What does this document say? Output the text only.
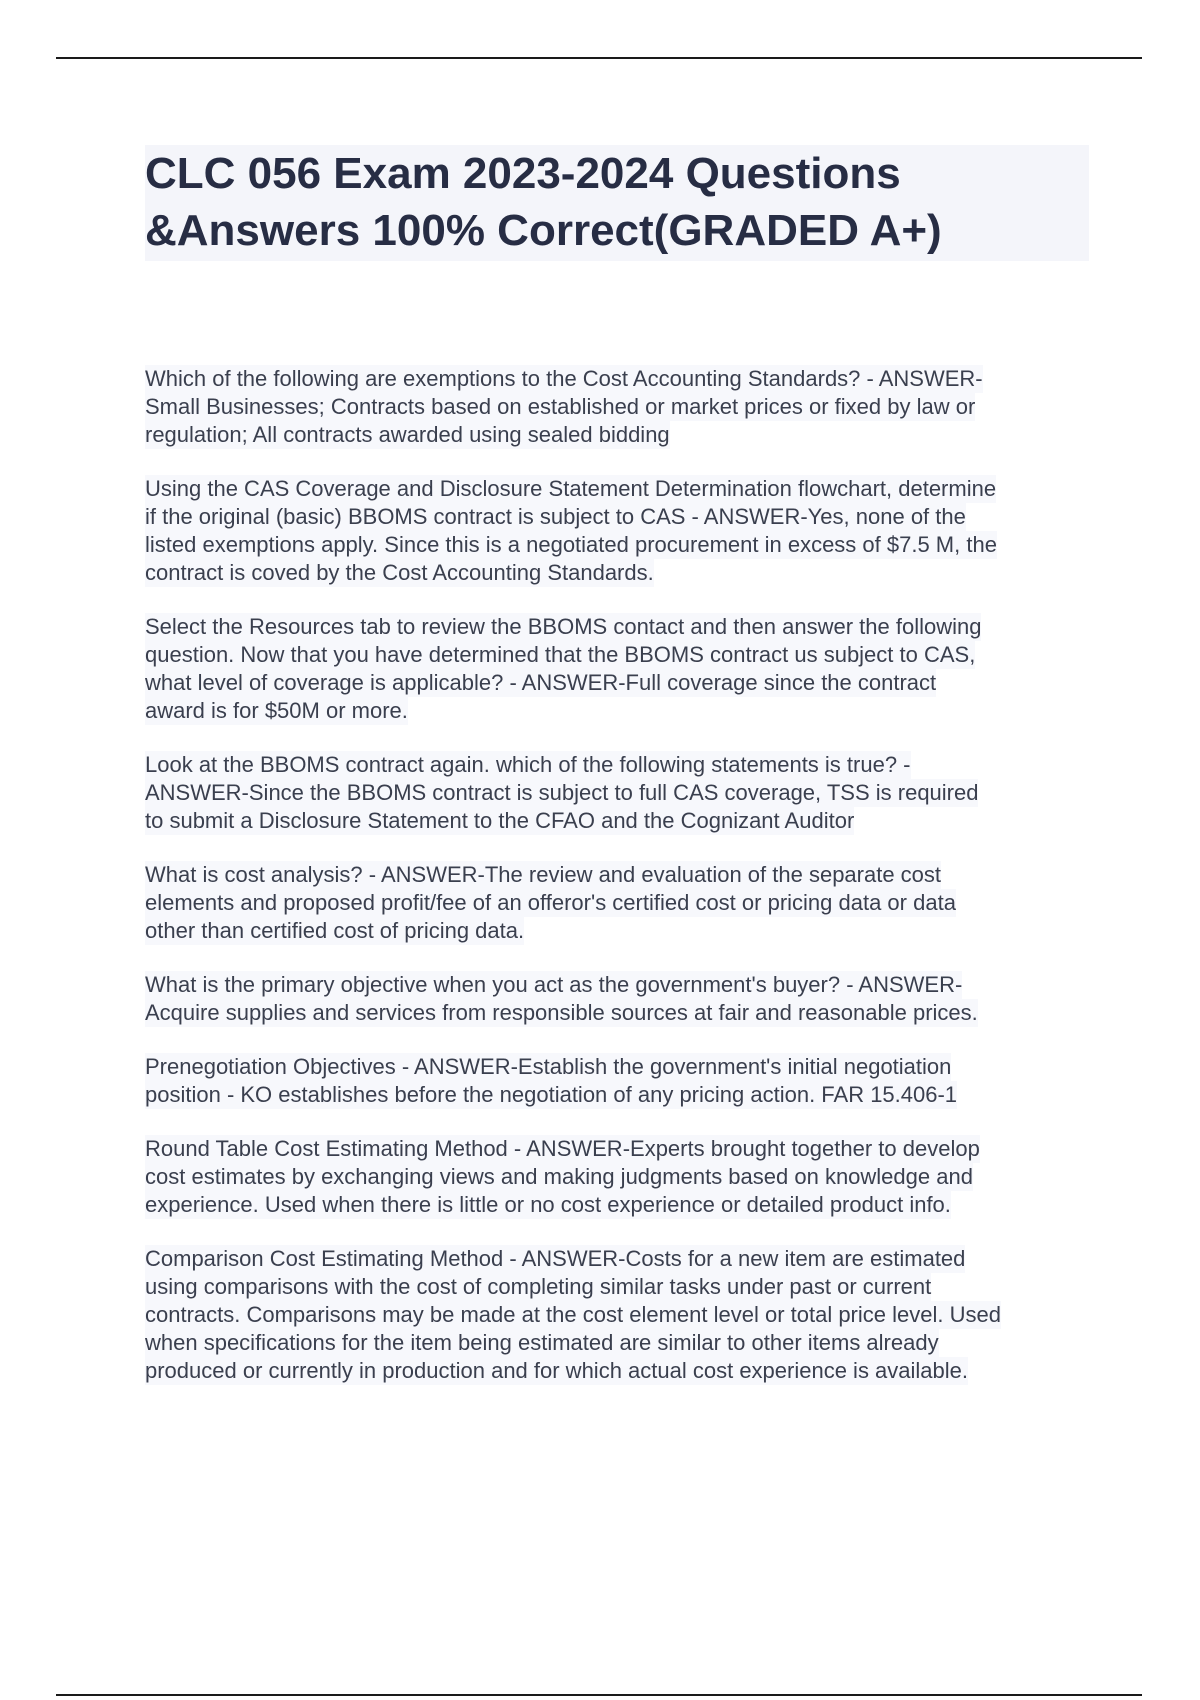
CLC 056 Exam 2023-2024 Questions
&Answers 100% Correct(GRADED A+)
Which of the following are exemptions to the Cost Accounting Standards? - ANSWER-
Small Businesses; Contracts based on established or market prices or fixed by law or
regulation; All contracts awarded using sealed bidding
Using the CAS Coverage and Disclosure Statement Determination flowchart, determine
if the original (basic) BBOMS contract is subject to CAS - ANSWER-Yes, none of the
listed exemptions apply. Since this is a negotiated procurement in excess of $7.5 M, the
contract is coved by the Cost Accounting Standards.
Select the Resources tab to review the BBOMS contact and then answer the following
question. Now that you have determined that the BBOMS contract us subject to CAS,
what level of coverage is applicable? - ANSWER-Full coverage since the contract
award is for $50M or more.
Look at the BBOMS contract again. which of the following statements is true? -
ANSWER-Since the BBOMS contract is subject to full CAS coverage, TSS is required
to submit a Disclosure Statement to the CFAO and the Cognizant Auditor
What is cost analysis? - ANSWER-The review and evaluation of the separate cost
elements and proposed profit/fee of an offeror's certified cost or pricing data or data
other than certified cost of pricing data.
What is the primary objective when you act as the government's buyer? - ANSWER-
Acquire supplies and services from responsible sources at fair and reasonable prices.
Prenegotiation Objectives - ANSWER-Establish the government's initial negotiation
position - KO establishes before the negotiation of any pricing action. FAR 15.406-1
Round Table Cost Estimating Method - ANSWER-Experts brought together to develop
cost estimates by exchanging views and making judgments based on knowledge and
experience. Used when there is little or no cost experience or detailed product info.
Comparison Cost Estimating Method - ANSWER-Costs for a new item are estimated
using comparisons with the cost of completing similar tasks under past or current
contracts. Comparisons may be made at the cost element level or total price level. Used
when specifications for the item being estimated are similar to other items already
produced or currently in production and for which actual cost experience is available.
